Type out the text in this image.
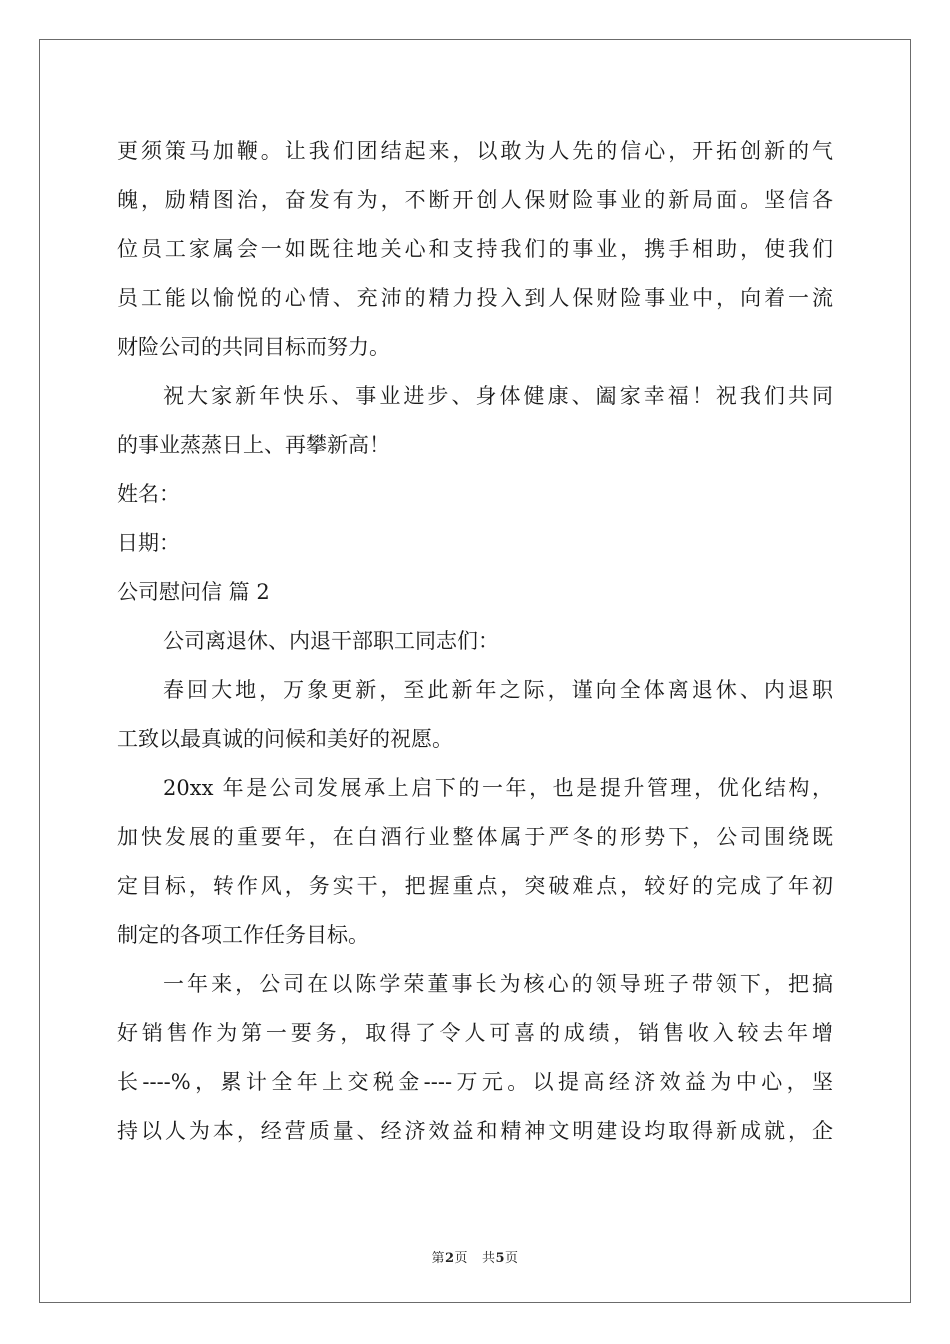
更须策马加鞭。让我们团结起来，以敢为人先的信心，开拓创新的气
魄，励精图治，奋发有为，不断开创人保财险事业的新局面。坚信各
位员工家属会一如既往地关心和支持我们的事业，携手相助，使我们
员工能以愉悦的心情、充沛的精力投入到人保财险事业中，向着一流
财险公司的共同目标而努力。
祝大家新年快乐、事业进步、身体健康、阖家幸福！祝我们共同
的事业蒸蒸日上、再攀新高！
姓名：
日期：
公司慰问信 篇 2
公司离退休、内退干部职工同志们：
春回大地，万象更新，至此新年之际，谨向全体离退休、内退职
工致以最真诚的问候和美好的祝愿。
20xx 年是公司发展承上启下的一年，也是提升管理，优化结构，
加快发展的重要年，在白酒行业整体属于严冬的形势下，公司围绕既
定目标，转作风，务实干，把握重点，突破难点，较好的完成了年初
制定的各项工作任务目标。
一年来，公司在以陈学荣董事长为核心的领导班子带领下，把搞
好销售作为第一要务，取得了令人可喜的成绩，销售收入较去年增
长----%，累计全年上交税金----万元。以提高经济效益为中心，坚
持以人为本，经营质量、经济效益和精神文明建设均取得新成就，企
第2页 共5页
